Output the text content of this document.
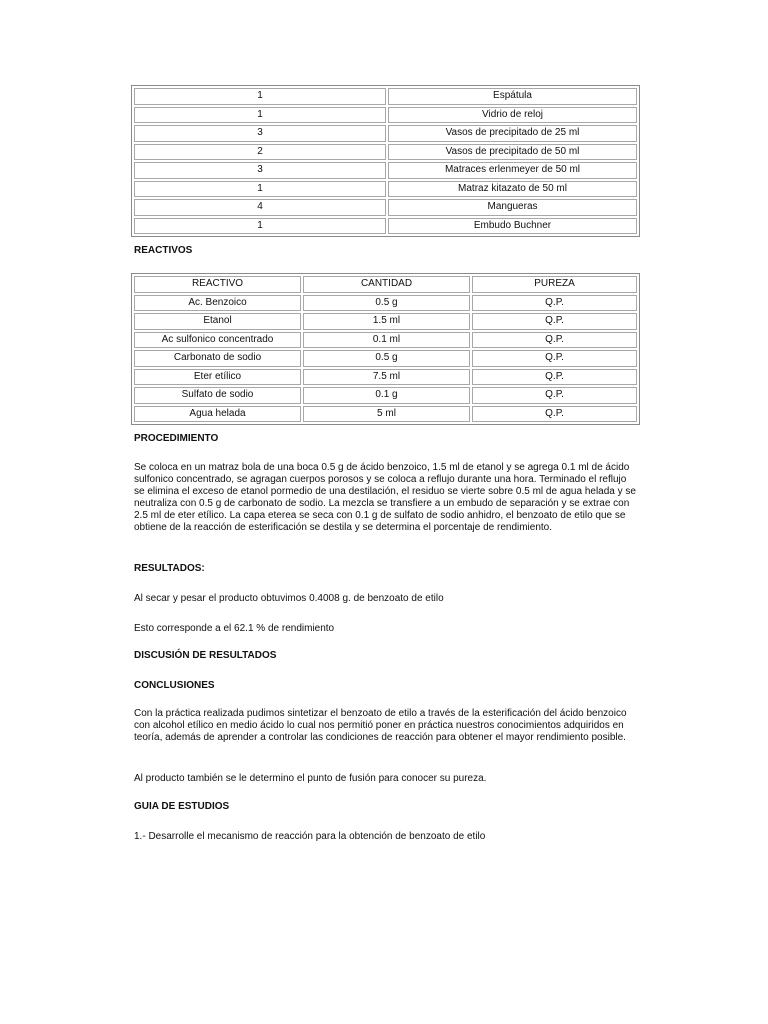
1	Espátula
1	Vidrio de reloj
3	Vasos de precipitado de 25 ml
2	Vasos de precipitado de 50 ml
3	Matraces erlenmeyer de 50 ml
1	Matraz kitazato de 50 ml
4	Mangueras
1	Embudo Buchner

REACTIVOS

REACTIVO	CANTIDAD	PUREZA
Ac. Benzoico	0.5 g	Q.P.
Etanol	1.5 ml	Q.P.
Ac sulfonico concentrado	0.1 ml	Q.P.
Carbonato de sodio	0.5 g	Q.P.
Eter etílico	7.5 ml	Q.P.
Sulfato de sodio	0.1 g	Q.P.
Agua helada	5 ml	Q.P.

PROCEDIMIENTO

Se coloca en un matraz bola de una boca 0.5 g de ácido benzoico, 1.5 ml de etanol y se agrega 0.1 ml de ácido sulfonico concentrado, se agragan cuerpos porosos y se coloca a reflujo durante una hora. Terminado el reflujo se elimina el exceso de etanol pormedio de una destilación, el residuo se vierte sobre 0.5 ml de agua helada y se neutraliza con 0.5 g de carbonato de sodio. La mezcla se transfiere a un embudo de separación y se extrae con 2.5 ml de eter etílico. La capa eterea se seca con 0.1 g de sulfato de sodio anhidro, el benzoato de etilo que se obtiene de la reacción de esterificación se destila y se determina el porcentaje de rendimiento.

RESULTADOS:

Al secar y pesar el producto obtuvimos 0.4008 g. de benzoato de etilo

Esto corresponde a el 62.1 % de rendimiento

DISCUSIÓN DE RESULTADOS

CONCLUSIONES

Con la práctica realizada pudimos sintetizar el benzoato de etilo a través de la esterificación del ácido benzoico con alcohol etílico en medio ácido lo cual nos permitió poner en práctica nuestros conocimientos adquiridos en teoría, además de aprender a controlar las condiciones de reacción para obtener el mayor rendimiento posible.

Al producto también se le determino el punto de fusión para conocer su pureza.

GUIA DE ESTUDIOS

1.- Desarrolle el mecanismo de reacción para la obtención de benzoato de etilo
